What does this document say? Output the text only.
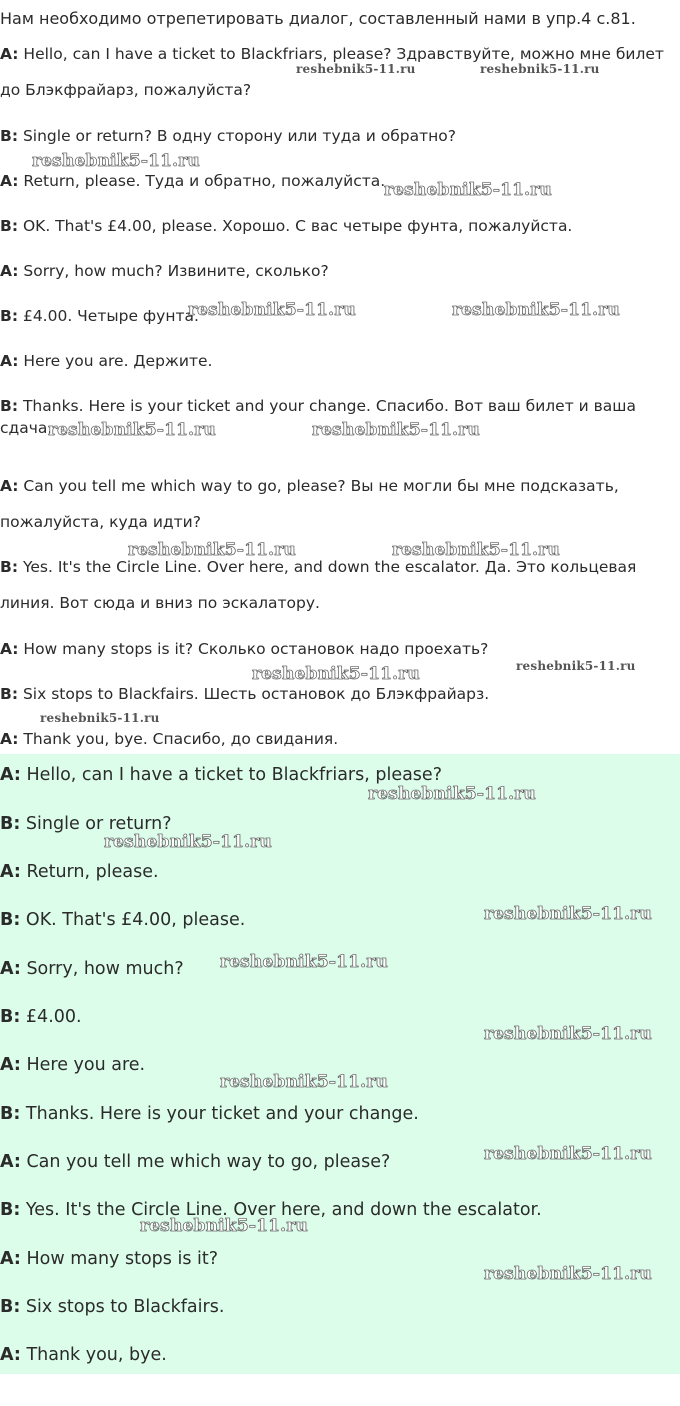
Нам необходимо отрепетировать диалог, составленный нами в упр.4 с.81.
A: Hello, can I have a ticket to Blackfriars, please? Здравствуйте, можно мне билет до Блэкфрайарз, пожалуйста?
B: Single or return? В одну сторону или туда и обратно?
A: Return, please. Туда и обратно, пожалуйста.
B: OK. That's £4.00, please. Хорошо. С вас четыре фунта, пожалуйста.
A: Sorry, how much? Извините, сколько?
B: £4.00. Четыре фунта.
A: Here you are. Держите.
B: Thanks. Here is your ticket and your change. Спасибо. Вот ваш билет и ваша сдача.
A: Can you tell me which way to go, please? Вы не могли бы мне подсказать, пожалуйста, куда идти?
B: Yes. It's the Circle Line. Over here, and down the escalator. Да. Это кольцевая линия. Вот сюда и вниз по эскалатору.
A: How many stops is it? Сколько остановок надо проехать?
B: Six stops to Blackfairs. Шесть остановок до Блэкфрайарз.
A: Thank you, bye. Спасибо, до свидания.
A: Hello, can I have a ticket to Blackfriars, please?
B: Single or return?
A: Return, please.
B: OK. That's £4.00, please.
A: Sorry, how much?
B: £4.00.
A: Here you are.
B: Thanks. Here is your ticket and your change.
A: Can you tell me which way to go, please?
B: Yes. It's the Circle Line. Over here, and down the escalator.
A: How many stops is it?
B: Six stops to Blackfairs.
A: Thank you, bye.
reshebnik5-11.ru	reshebnik5-11.ru
reshebnik5-11.ru
reshebnik5-11.ru
reshebnik5-11.ru	reshebnik5-11.ru
reshebnik5-11.ru	reshebnik5-11.ru
reshebnik5-11.ru	reshebnik5-11.ru
reshebnik5-11.ru	reshebnik5-11.ru
reshebnik5-11.ru
reshebnik5-11.ru
reshebnik5-11.ru
reshebnik5-11.ru
reshebnik5-11.ru
reshebnik5-11.ru
reshebnik5-11.ru
reshebnik5-11.ru
reshebnik5-11.ru
reshebnik5-11.ru
